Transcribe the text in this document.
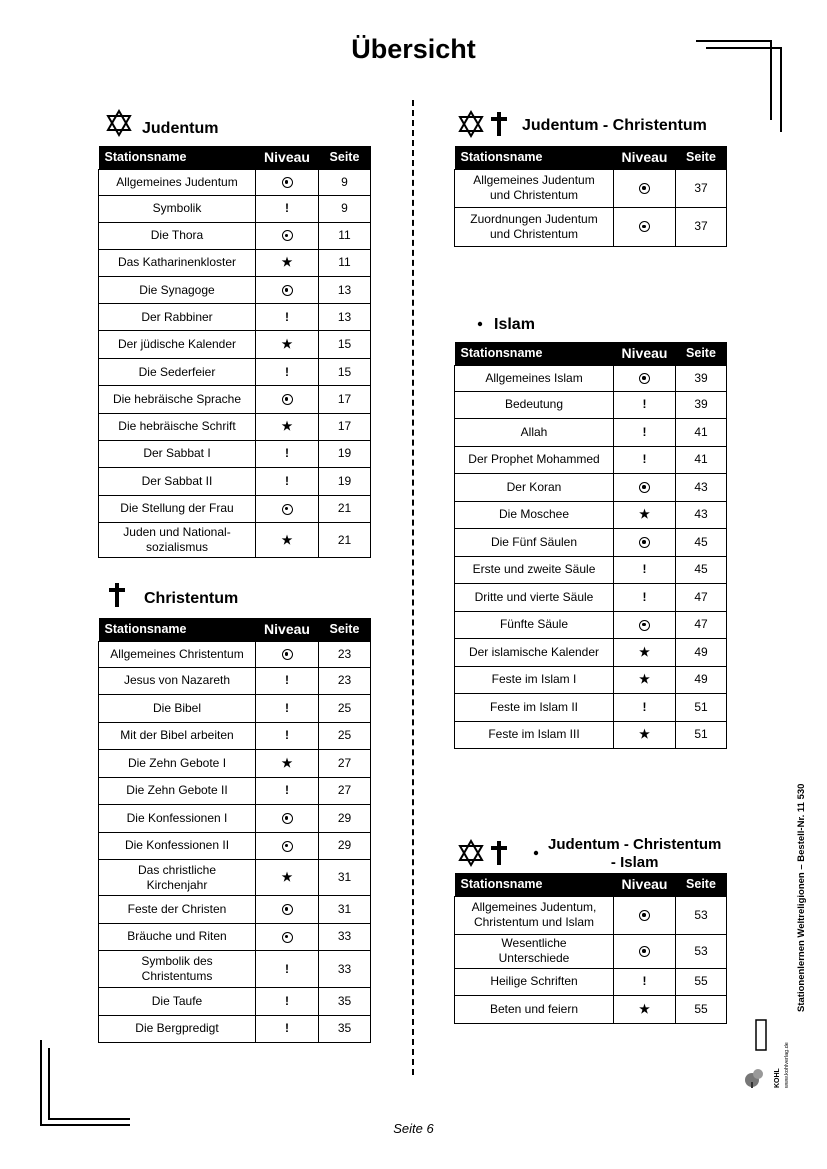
Übersicht
Judentum
Stationsname	Niveau	Seite
Allgemeines Judentum		9
Symbolik	!	9
Die Thora		11
Das Katharinenkloster	★	11
Die Synagoge		13
Der Rabbiner	!	13
Der jüdische Kalender	★	15
Die Sederfeier	!	15
Die hebräische Sprache		17
Die hebräische Schrift	★	17
Der Sabbat I	!	19
Der Sabbat II	!	19
Die Stellung der Frau		21
Juden und National-
sozialismus	★	21
Christentum
Stationsname	Niveau	Seite
Allgemeines Christentum		23
Jesus von Nazareth	!	23
Die Bibel	!	25
Mit der Bibel arbeiten	!	25
Die Zehn Gebote I	★	27
Die Zehn Gebote II	!	27
Die Konfessionen I		29
Die Konfessionen II		29
Das christliche
Kirchenjahr	★	31
Feste der Christen		31
Bräuche und Riten		33
Symbolik des
Christentums	!	33
Die Taufe	!	35
Die Bergpredigt	!	35
Judentum - Christentum
Stationsname	Niveau	Seite
Allgemeines Judentum
und Christentum		37
Zuordnungen Judentum
und Christentum		37
Islam
Stationsname	Niveau	Seite
Allgemeines Islam		39
Bedeutung	!	39
Allah	!	41
Der Prophet Mohammed	!	41
Der Koran		43
Die Moschee	★	43
Die Fünf Säulen		45
Erste und zweite Säule	!	45
Dritte und vierte Säule	!	47
Fünfte Säule		47
Der islamische Kalender	★	49
Feste im Islam I	★	49
Feste im Islam II	!	51
Feste im Islam III	★	51
Judentum - Christentum
- Islam
Stationsname	Niveau	Seite
Allgemeines Judentum,
Christentum und Islam		53
Wesentliche
Unterschiede		53
Heilige Schriften	!	55
Beten und feiern	★	55	Stationenlernen Weltreligionen – Bestell-Nr. 11 530
KOHL www.kohlverlag.de
Seite 6
